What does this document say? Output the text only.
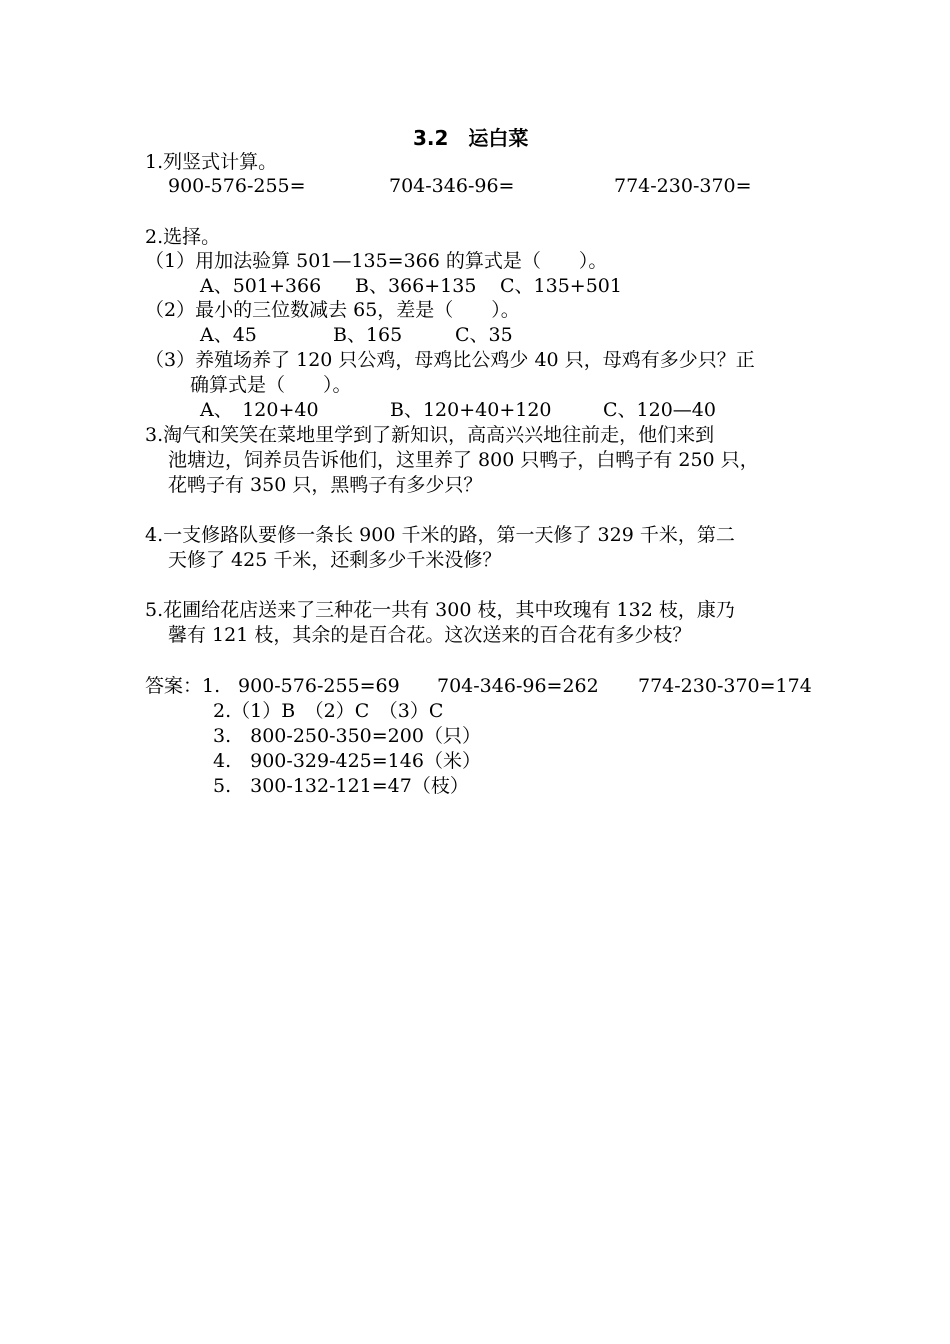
3.2　运白菜
1.列竖式计算。
900-576-255=	704-346-96=	774-230-370=
2.选择。
（1）用加法验算 501—135=366 的算式是（　　）。
A、501+366 B、366+135 C、135+501
（2）最小的三位数减去 65，差是（　　）。
A、45	B、165	C、35
（3）养殖场养了 120 只公鸡，母鸡比公鸡少 40 只，母鸡有多少只？正
确算式是（　　）。
A、　120+40	B、120+40+120	C、120—40
3.淘气和笑笑在菜地里学到了新知识，高高兴兴地往前走，他们来到
池塘边，饲养员告诉他们，这里养了 800 只鸭子，白鸭子有 250 只，
花鸭子有 350 只，黑鸭子有多少只？
4.一支修路队要修一条长 900 千米的路，第一天修了 329 千米，第二
天修了 425 千米，还剩多少千米没修？
5.花圃给花店送来了三种花一共有 300 枝，其中玫瑰有 132 枝，康乃
馨有 121 枝，其余的是百合花。这次送来的百合花有多少枝？
答案：1. 900-576-255=69 704-346-96=262 774-230-370=174
2.（1）B　（2）C　（3）C
3.　800-250-350=200（只）
4.　900-329-425=146（米）
5.　300-132-121=47（枝）
